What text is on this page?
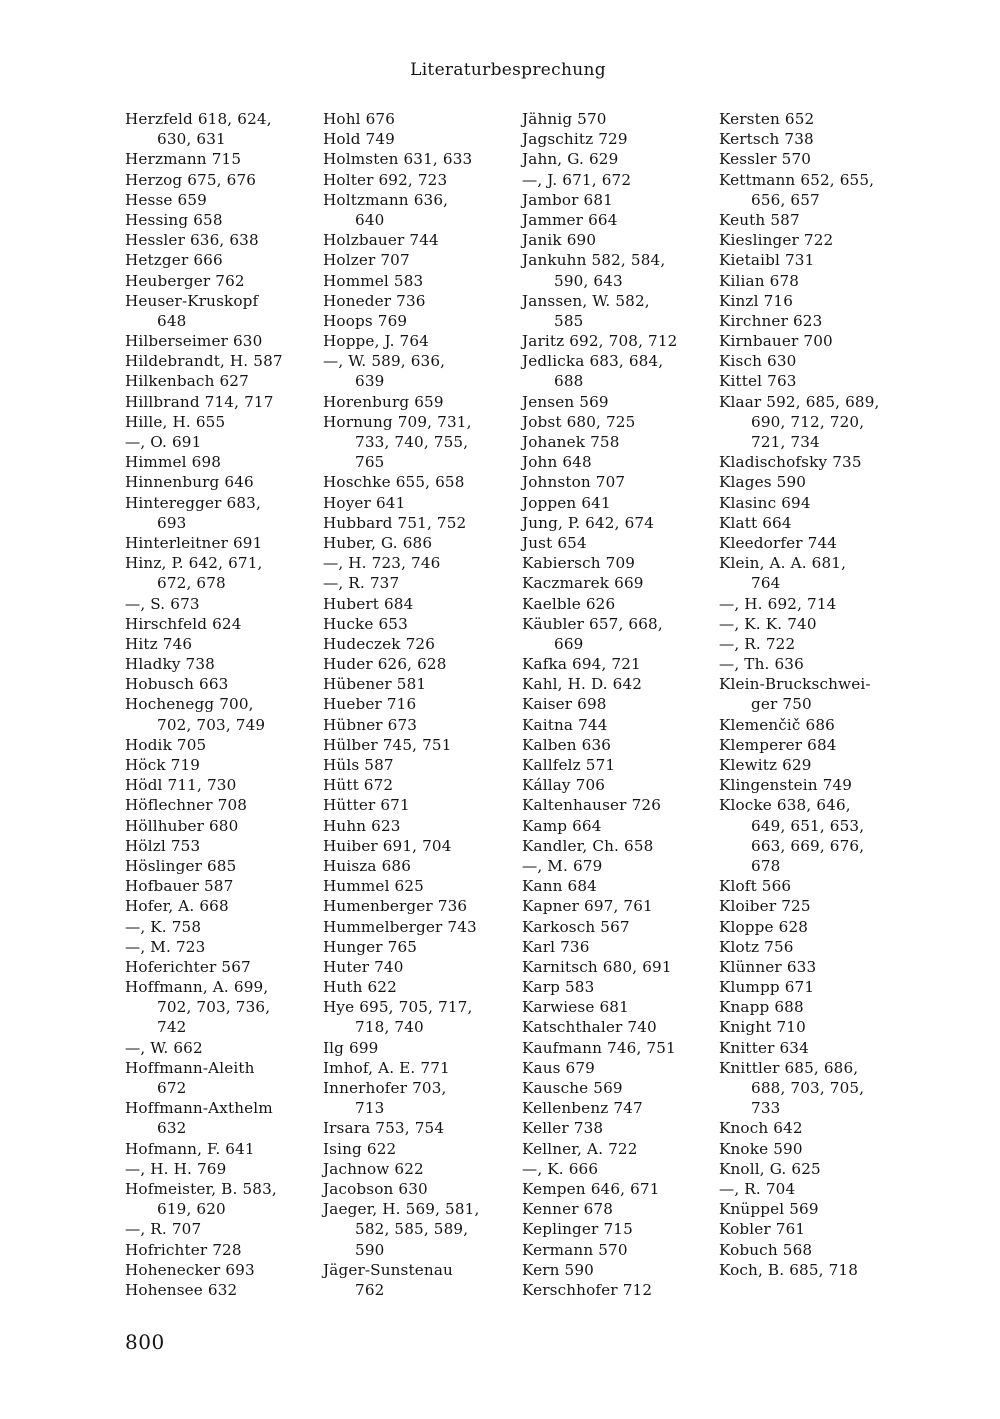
Literaturbesprechung
Herzfeld 618, 624,
630, 631
Herzmann 715
Herzog 675, 676
Hesse 659
Hessing 658
Hessler 636, 638
Hetzger 666
Heuberger 762
Heuser-Kruskopf
648
Hilberseimer 630
Hildebrandt, H. 587
Hilkenbach 627
Hillbrand 714, 717
Hille, H. 655
—, O. 691
Himmel 698
Hinnenburg 646
Hinteregger 683,
693
Hinterleitner 691
Hinz, P. 642, 671,
672, 678
—, S. 673
Hirschfeld 624
Hitz 746
Hladky 738
Hobusch 663
Hochenegg 700,
702, 703, 749
Hodik 705
Höck 719
Hödl 711, 730
Höflechner 708
Höllhuber 680
Hölzl 753
Höslinger 685
Hofbauer 587
Hofer, A. 668
—, K. 758
—, M. 723
Hoferichter 567
Hoffmann, A. 699,
702, 703, 736,
742
—, W. 662
Hoffmann-Aleith
672
Hoffmann-Axthelm
632
Hofmann, F. 641
—, H. H. 769
Hofmeister, B. 583,
619, 620
—, R. 707
Hofrichter 728
Hohenecker 693
Hohensee 632
Hohl 676
Hold 749
Holmsten 631, 633
Holter 692, 723
Holtzmann 636,
640
Holzbauer 744
Holzer 707
Hommel 583
Honeder 736
Hoops 769
Hoppe, J. 764
—, W. 589, 636,
639
Horenburg 659
Hornung 709, 731,
733, 740, 755,
765
Hoschke 655, 658
Hoyer 641
Hubbard 751, 752
Huber, G. 686
—, H. 723, 746
—, R. 737
Hubert 684
Hucke 653
Hudeczek 726
Huder 626, 628
Hübener 581
Hueber 716
Hübner 673
Hülber 745, 751
Hüls 587
Hütt 672
Hütter 671
Huhn 623
Huiber 691, 704
Huisza 686
Hummel 625
Humenberger 736
Hummelberger 743
Hunger 765
Huter 740
Huth 622
Hye 695, 705, 717,
718, 740
Ilg 699
Imhof, A. E. 771
Innerhofer 703,
713
Irsara 753, 754
Ising 622
Jachnow 622
Jacobson 630
Jaeger, H. 569, 581,
582, 585, 589,
590
Jäger-Sunstenau
762
Jähnig 570
Jagschitz 729
Jahn, G. 629
—, J. 671, 672
Jambor 681
Jammer 664
Janik 690
Jankuhn 582, 584,
590, 643
Janssen, W. 582,
585
Jaritz 692, 708, 712
Jedlicka 683, 684,
688
Jensen 569
Jobst 680, 725
Johanek 758
John 648
Johnston 707
Joppen 641
Jung, P. 642, 674
Just 654
Kabiersch 709
Kaczmarek 669
Kaelble 626
Käubler 657, 668,
669
Kafka 694, 721
Kahl, H. D. 642
Kaiser 698
Kaitna 744
Kalben 636
Kallfelz 571
Kállay 706
Kaltenhauser 726
Kamp 664
Kandler, Ch. 658
—, M. 679
Kann 684
Kapner 697, 761
Karkosch 567
Karl 736
Karnitsch 680, 691
Karp 583
Karwiese 681
Katschthaler 740
Kaufmann 746, 751
Kaus 679
Kausche 569
Kellenbenz 747
Keller 738
Kellner, A. 722
—, K. 666
Kempen 646, 671
Kenner 678
Keplinger 715
Kermann 570
Kern 590
Kerschhofer 712
Kersten 652
Kertsch 738
Kessler 570
Kettmann 652, 655,
656, 657
Keuth 587
Kieslinger 722
Kietaibl 731
Kilian 678
Kinzl 716
Kirchner 623
Kirnbauer 700
Kisch 630
Kittel 763
Klaar 592, 685, 689,
690, 712, 720,
721, 734
Kladischofsky 735
Klages 590
Klasinc 694
Klatt 664
Kleedorfer 744
Klein, A. A. 681,
764
—, H. 692, 714
—, K. K. 740
—, R. 722
—, Th. 636
Klein-Bruckschwei-
ger 750
Klemenčič 686
Klemperer 684
Klewitz 629
Klingenstein 749
Klocke 638, 646,
649, 651, 653,
663, 669, 676,
678
Kloft 566
Kloiber 725
Kloppe 628
Klotz 756
Klünner 633
Klumpp 671
Knapp 688
Knight 710
Knitter 634
Knittler 685, 686,
688, 703, 705,
733
Knoch 642
Knoke 590
Knoll, G. 625
—, R. 704
Knüppel 569
Kobler 761
Kobuch 568
Koch, B. 685, 718
800
